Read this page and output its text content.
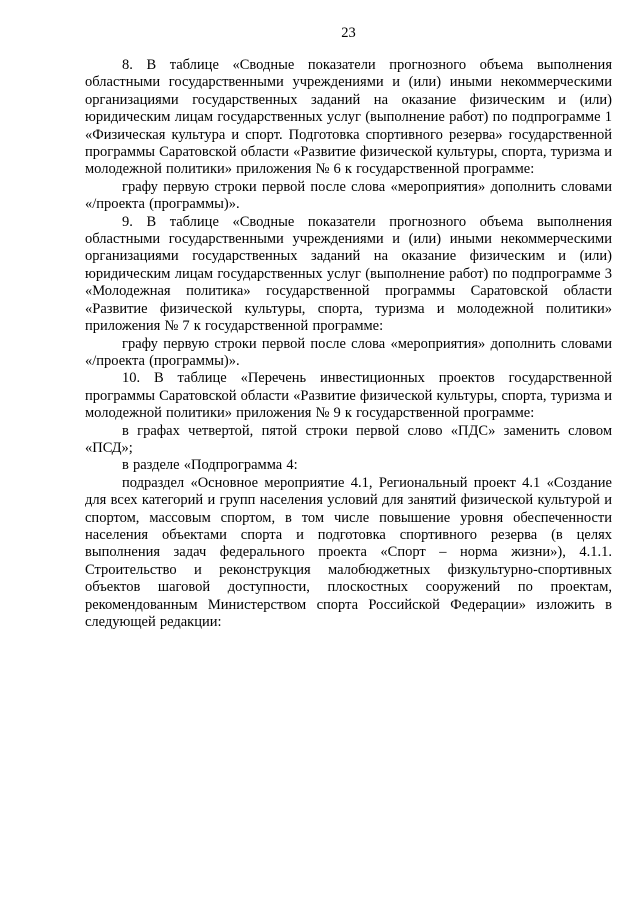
23

8. В таблице «Сводные показатели прогнозного объема выполнения областными государственными учреждениями и (или) иными некоммерческими организациями государственных заданий на оказание физическим и (или) юридическим лицам государственных услуг (выполнение работ) по подпрограмме 1 «Физическая культура и спорт. Подготовка спортивного резерва» государственной программы Саратовской области «Развитие физической культуры, спорта, туризма и молодежной политики» приложения № 6 к государственной программе:

графу первую строки первой после слова «мероприятия» дополнить словами «/проекта (программы)».

9. В таблице «Сводные показатели прогнозного объема выполнения областными государственными учреждениями и (или) иными некоммерческими организациями государственных заданий на оказание физическим и (или) юридическим лицам государственных услуг (выполнение работ) по подпрограмме 3 «Молодежная политика» государственной программы Саратовской области «Развитие физической культуры, спорта, туризма и молодежной политики» приложения № 7 к государственной программе:

графу первую строки первой после слова «мероприятия» дополнить словами «/проекта (программы)».

10. В таблице «Перечень инвестиционных проектов государственной программы Саратовской области «Развитие физической культуры, спорта, туризма и молодежной политики» приложения № 9 к государственной программе:

в графах четвертой, пятой строки первой слово «ПДС» заменить словом «ПСД»;

в разделе «Подпрограмма 4:

подраздел «Основное мероприятие 4.1, Региональный проект 4.1 «Создание для всех категорий и групп населения условий для занятий физической культурой и спортом, массовым спортом, в том числе повышение уровня обеспеченности населения объектами спорта и подготовка спортивного резерва (в целях выполнения задач федерального проекта «Спорт – норма жизни»), 4.1.1. Строительство и реконструкция малобюджетных физкультурно-спортивных объектов шаговой доступности, плоскостных сооружений по проектам, рекомендованным Министерством спорта Российской Федерации» изложить в следующей редакции:
